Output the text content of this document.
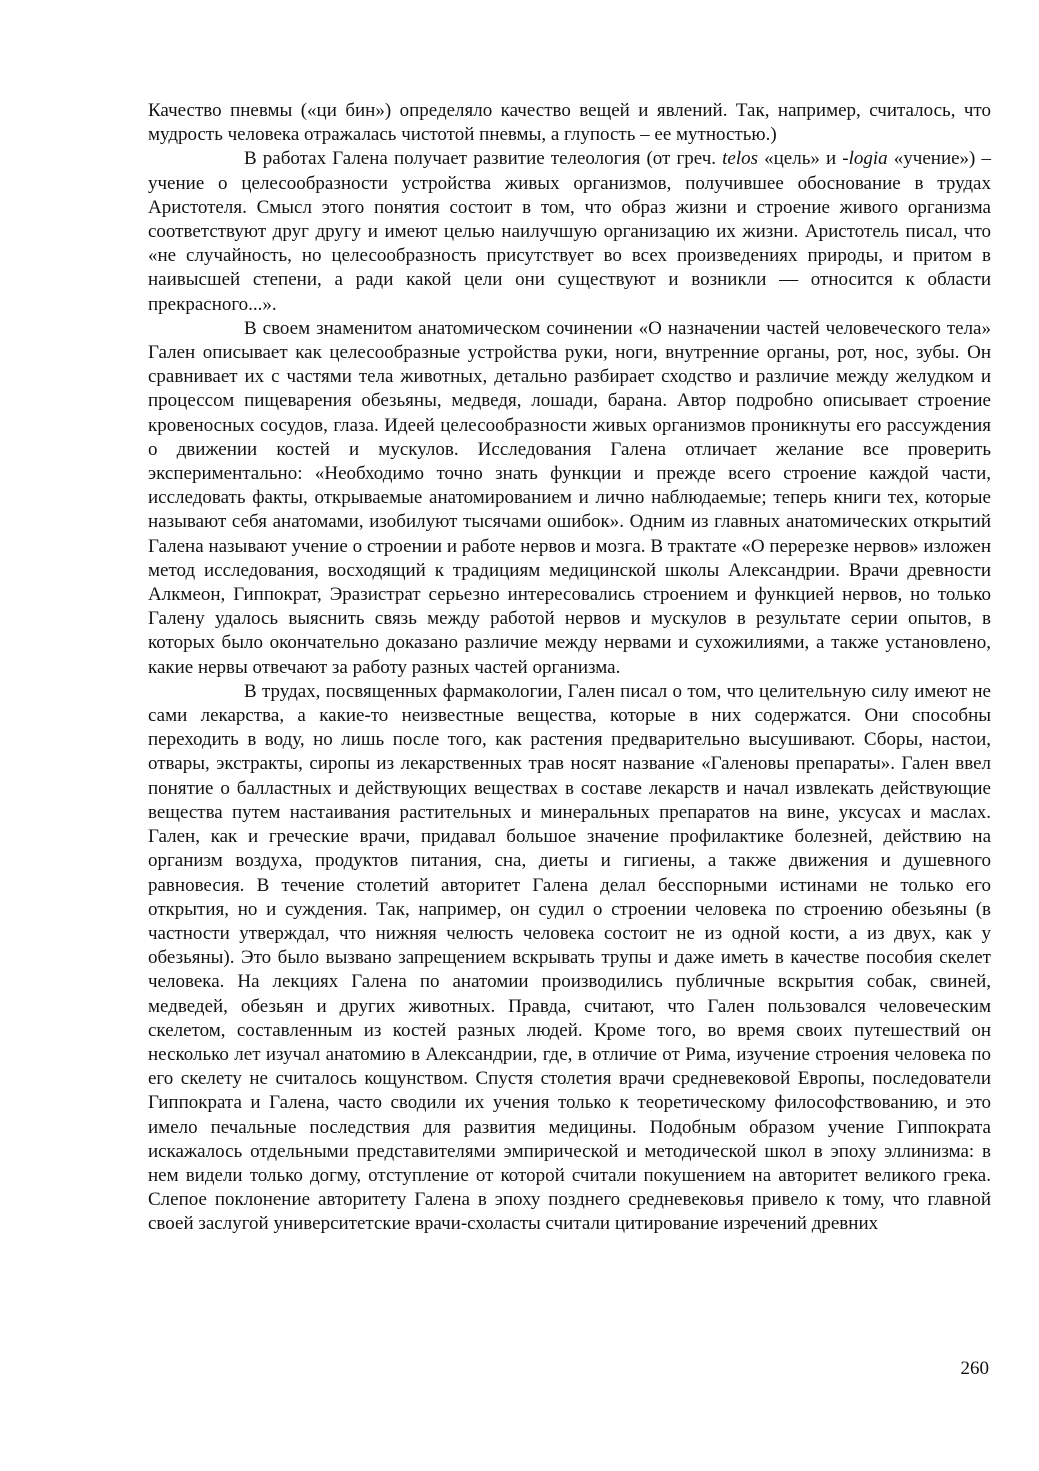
Качество пневмы («ци бин») определяло качество вещей и явлений. Так, например, считалось, что мудрость человека отражалась чистотой пневмы, а глупость – ее мутностью.)

В работах Галена получает развитие телеология (от греч. telos «цель» и -logia «учение») – учение о целесообразности устройства живых организмов, получившее обоснование в трудах Аристотеля. Смысл этого понятия состоит в том, что образ жизни и строение живого организма соответствуют друг другу и имеют целью наилучшую организацию их жизни. Аристотель писал, что «не случайность, но целесообразность присутствует во всех произведениях природы, и притом в наивысшей степени, а ради какой цели они существуют и возникли — относится к области прекрасного...».

В своем знаменитом анатомическом сочинении «О назначении частей человеческого тела» Гален описывает как целесообразные устройства руки, ноги, внутренние органы, рот, нос, зубы. Он сравнивает их с частями тела животных, детально разбирает сходство и различие между желудком и процессом пищеварения обезьяны, медведя, лошади, барана. Автор подробно описывает строение кровеносных сосудов, глаза. Идеей целесообразности живых организмов проникнуты его рассуждения о движении костей и мускулов. Исследования Галена отличает желание все проверить экспериментально: «Необходимо точно знать функции и прежде всего строение каждой части, исследовать факты, открываемые анатомированием и лично наблюдаемые; теперь книги тех, которые называют себя анатомами, изобилуют тысячами ошибок». Одним из главных анатомических открытий Галена называют учение о строении и работе нервов и мозга. В трактате «О перерезке нервов» изложен метод исследования, восходящий к традициям медицинской школы Александрии. Врачи древности Алкмеон, Гиппократ, Эразистрат серьезно интересовались строением и функцией нервов, но только Галену удалось выяснить связь между работой нервов и мускулов в результате серии опытов, в которых было окончательно доказано различие между нервами и сухожилиями, а также установлено, какие нервы отвечают за работу разных частей организма.

В трудах, посвященных фармакологии, Гален писал о том, что целительную силу имеют не сами лекарства, а какие-то неизвестные вещества, которые в них содержатся. Они способны переходить в воду, но лишь после того, как растения предварительно высушивают. Сборы, настои, отвары, экстракты, сиропы из лекарственных трав носят название «Галеновы препараты». Гален ввел понятие о балластных и действующих веществах в составе лекарств и начал извлекать действующие вещества путем настаивания растительных и минеральных препаратов на вине, уксусах и маслах. Гален, как и греческие врачи, придавал большое значение профилактике болезней, действию на организм воздуха, продуктов питания, сна, диеты и гигиены, а также движения и душевного равновесия. В течение столетий авторитет Галена делал бесспорными истинами не только его открытия, но и суждения. Так, например, он судил о строении человека по строению обезьяны (в частности утверждал, что нижняя челюсть человека состоит не из одной кости, а из двух, как у обезьяны). Это было вызвано запрещением вскрывать трупы и даже иметь в качестве пособия скелет человека. На лекциях Галена по анатомии производились публичные вскрытия собак, свиней, медведей, обезьян и других животных. Правда, считают, что Гален пользовался человеческим скелетом, составленным из костей разных людей. Кроме того, во время своих путешествий он несколько лет изучал анатомию в Александрии, где, в отличие от Рима, изучение строения человека по его скелету не считалось кощунством. Спустя столетия врачи средневековой Европы, последователи Гиппократа и Галена, часто сводили их учения только к теоретическому философствованию, и это имело печальные последствия для развития медицины. Подобным образом учение Гиппократа искажалось отдельными представителями эмпирической и методической школ в эпоху эллинизма: в нем видели только догму, отступление от которой считали покушением на авторитет великого грека. Слепое поклонение авторитету Галена в эпоху позднего средневековья привело к тому, что главной своей заслугой университетские врачи-схоласты считали цитирование изречений древних

260
